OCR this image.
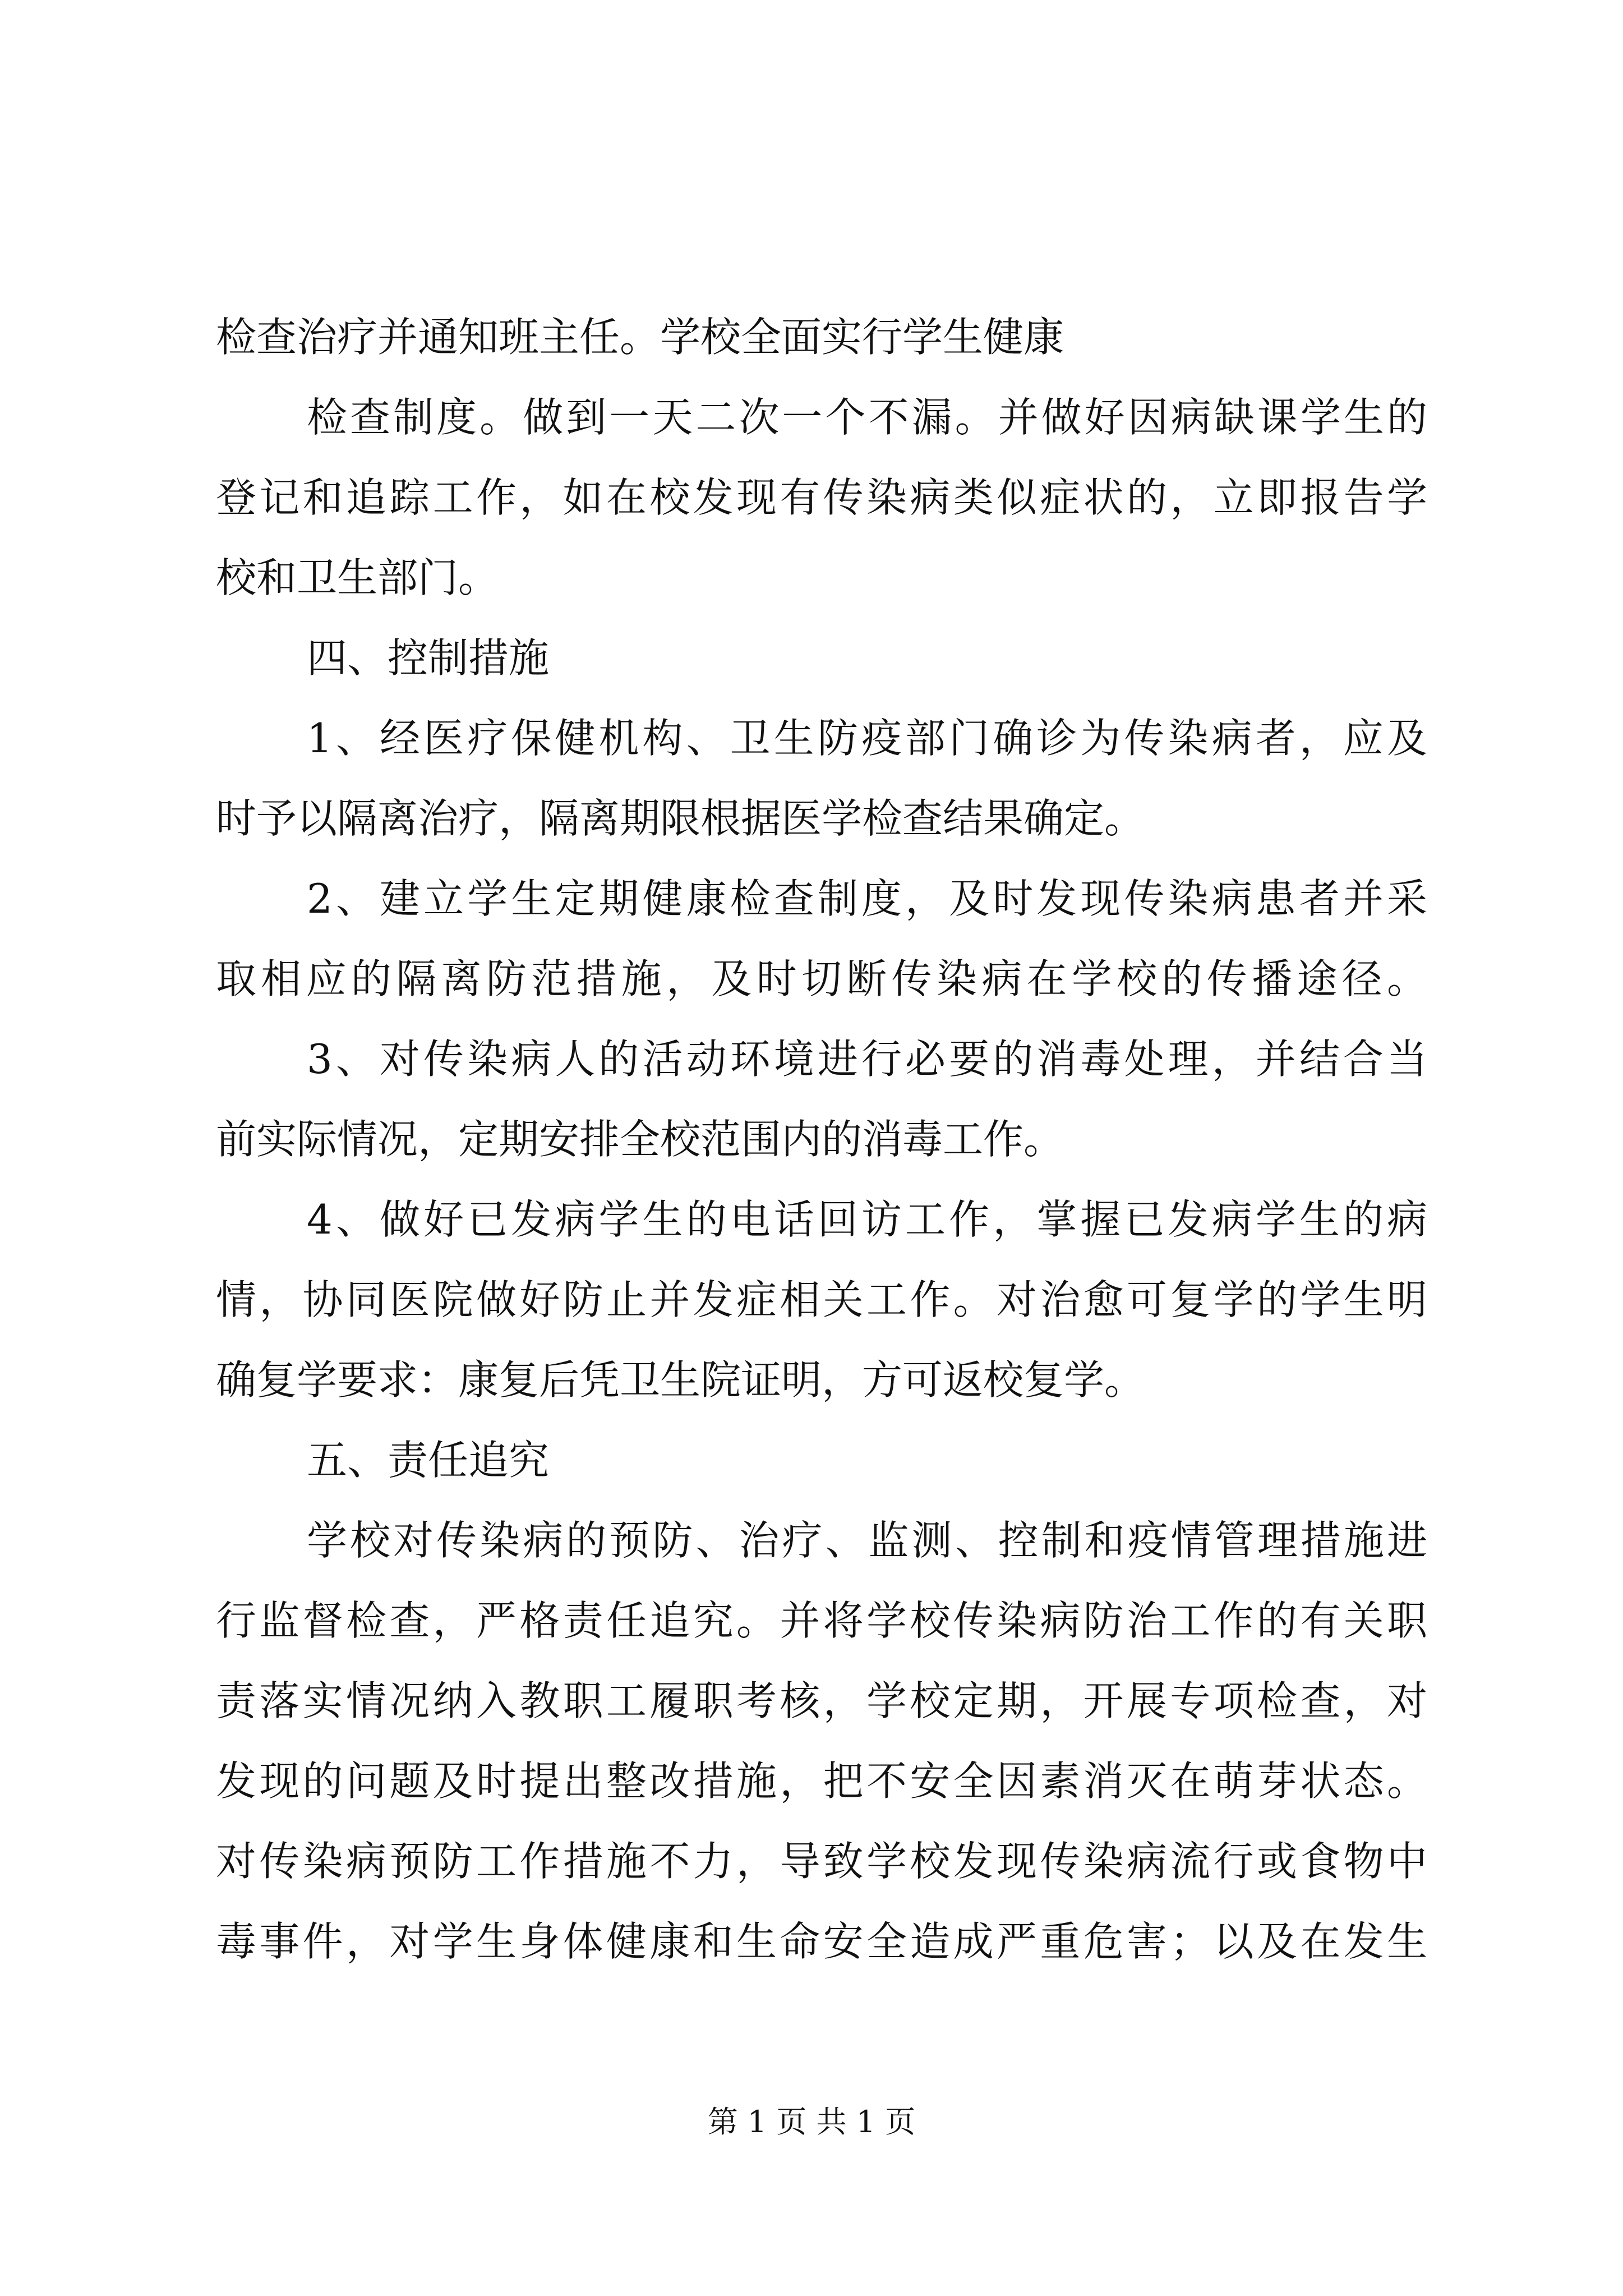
检查治疗并通知班主任。学校全面实行学生健康
检查制度。做到一天二次一个不漏。并做好因病缺课学生的
登记和追踪工作，如在校发现有传染病类似症状的，立即报告学
校和卫生部门。
四、控制措施
1、经医疗保健机构、卫生防疫部门确诊为传染病者，应及
时予以隔离治疗，隔离期限根据医学检查结果确定。
2、建立学生定期健康检查制度，及时发现传染病患者并采
取相应的隔离防范措施，及时切断传染病在学校的传播途径。
3、对传染病人的活动环境进行必要的消毒处理，并结合当
前实际情况，定期安排全校范围内的消毒工作。
4、做好已发病学生的电话回访工作，掌握已发病学生的病
情，协同医院做好防止并发症相关工作。对治愈可复学的学生明
确复学要求：康复后凭卫生院证明，方可返校复学。
五、责任追究
学校对传染病的预防、治疗、监测、控制和疫情管理措施进
行监督检查，严格责任追究。并将学校传染病防治工作的有关职
责落实情况纳入教职工履职考核，学校定期，开展专项检查，对
发现的问题及时提出整改措施，把不安全因素消灭在萌芽状态。
对传染病预防工作措施不力，导致学校发现传染病流行或食物中
毒事件，对学生身体健康和生命安全造成严重危害；以及在发生
第 1 页 共 1 页
